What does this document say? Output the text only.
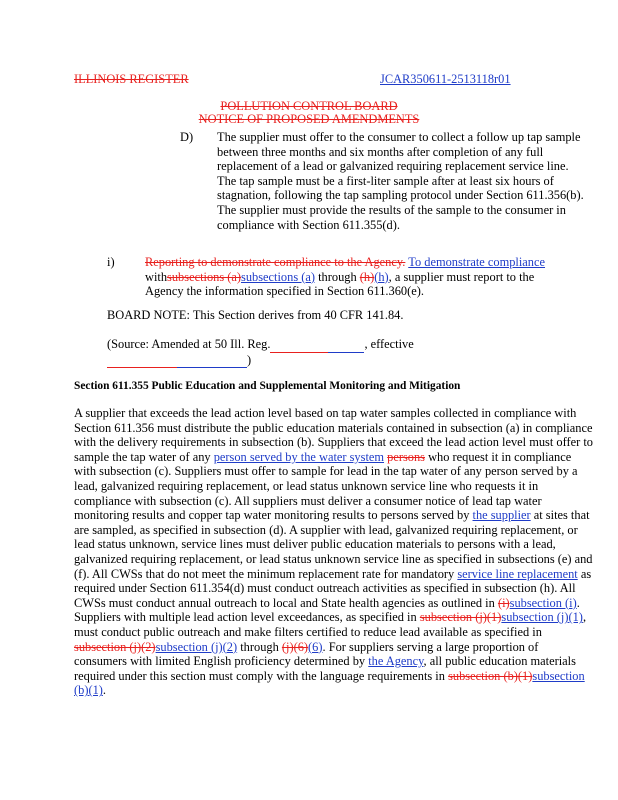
ILLINOIS REGISTER	JCAR350611-2513118r01
POLLUTION CONTROL BOARD
NOTICE OF PROPOSED AMENDMENTS
D) The supplier must offer to the consumer to collect a follow up tap sample between three months and six months after completion of any full replacement of a lead or galvanized requiring replacement service line. The tap sample must be a first-liter sample after at least six hours of stagnation, following the tap sampling protocol under Section 611.356(b). The supplier must provide the results of the sample to the consumer in compliance with Section 611.355(d).
i) Reporting to demonstrate compliance to the Agency. To demonstrate compliance
withsubsections (a)subsections (a) through (h)(h), a supplier must report to the
Agency the information specified in Section 611.360(e).
BOARD NOTE: This Section derives from 40 CFR 141.84.
(Source: Amended at 50 Ill. Reg.	, effective
)
Section 611.355 Public Education and Supplemental Monitoring and Mitigation
A supplier that exceeds the lead action level based on tap water samples collected in compliance with Section 611.356 must distribute the public education materials contained in subsection (a) in compliance with the delivery requirements in subsection (b). Suppliers that exceed the lead action level must offer to sample the tap water of any person served by the water system persons who request it in compliance with subsection (c). Suppliers must offer to sample for lead in the tap water of any person served by a lead, galvanized requiring replacement, or lead status unknown service line who requests it in compliance with subsection (c). All suppliers must deliver a consumer notice of lead tap water monitoring results and copper tap water monitoring results to persons served by the supplier at sites that are sampled, as specified in subsection (d). A supplier with lead, galvanized requiring replacement, or lead status unknown, service lines must deliver public education materials to persons with a lead, galvanized requiring replacement, or lead status unknown service line as specified in subsections (e) and (f). All CWSs that do not meet the minimum replacement rate for mandatory service line replacement as required under Section 611.354(d) must conduct outreach activities as specified in subsection (h). All CWSs must conduct annual outreach to local and State health agencies as outlined in (i)subsection (i). Suppliers with multiple lead action level exceedances, as specified in subsection (j)(1)subsection (j)(1), must conduct public outreach and make filters certified to reduce lead available as specified in subsection (j)(2)subsection (j)(2) through (j)(6)(6). For suppliers serving a large proportion of consumers with limited English proficiency determined by the Agency, all public education materials required under this section must comply with the language requirements in subsection (b)(1)subsection (b)(1).
